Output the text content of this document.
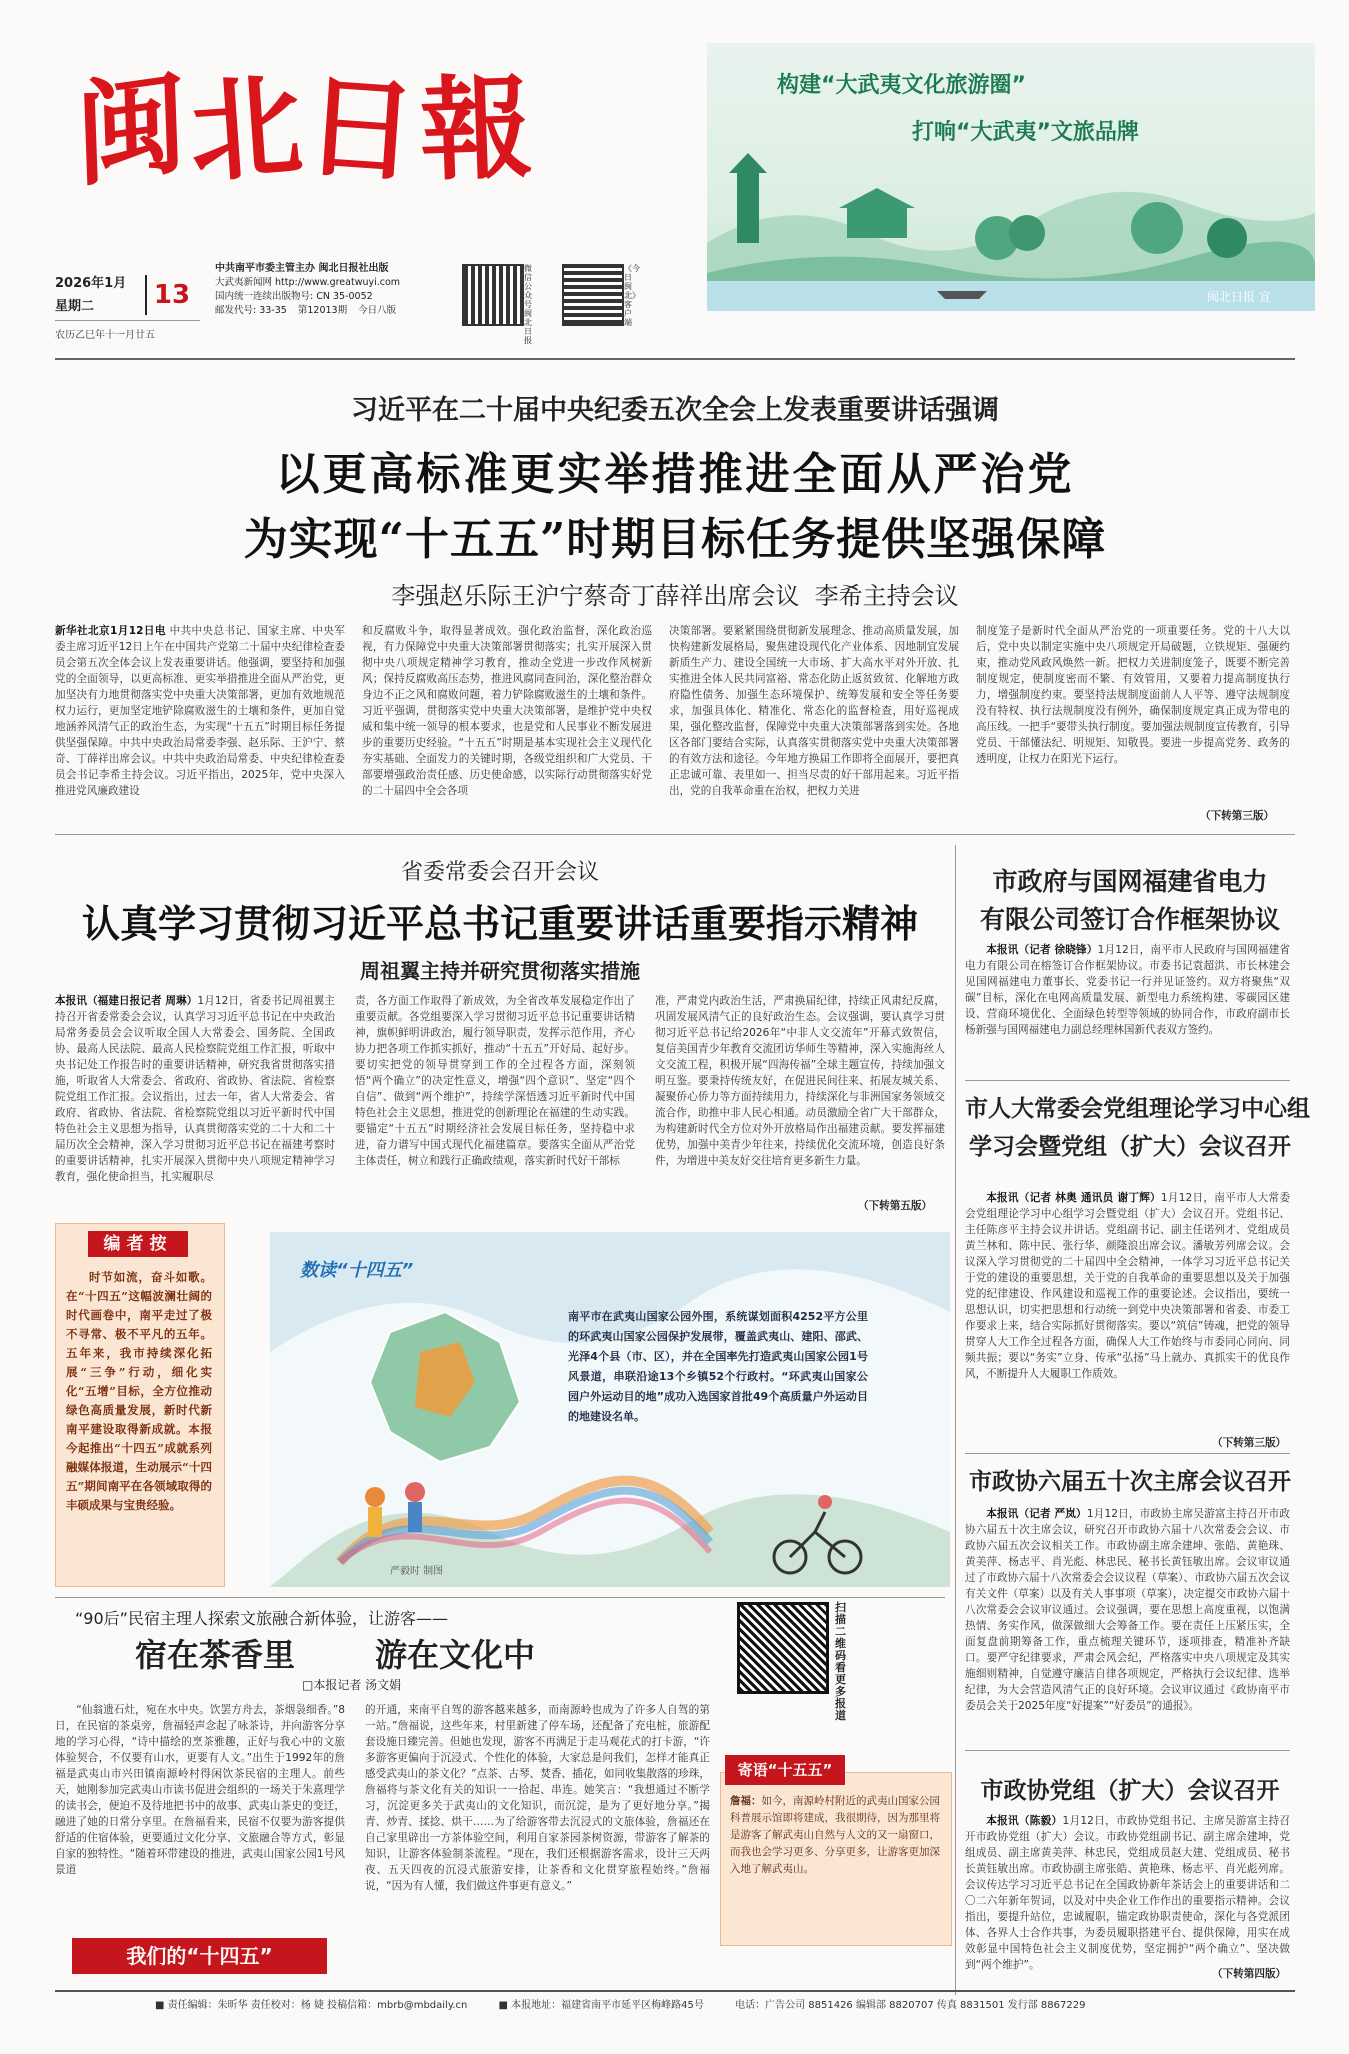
闽
北
日
報	构建“大武夷文化旅游圈”
打响“大武夷”文旅品牌
闽北日报 宣
2026年1月
星期二	13
农历乙巳年十一月廿五
中共南平市委主管主办 闽北日报社出版
大武夷新闻网 http://www.greatwuyi.com
国内统一连续出版物号: CN 35-0052
邮发代号: 33-35 第12013期 今日八版
微信公众号 闽北日报
《今日闽北》客户端
习近平在二十届中央纪委五次全会上发表重要讲话强调
以更高标准更实举措推进全面从严治党
为实现“十五五”时期目标任务提供坚强保障
李强赵乐际王沪宁蔡奇丁薛祥出席会议  李希主持会议

新华社北京1月12日电 中共中央总书记、国家主席、中央军委主席习近平12日上午在中国共产党第二十届中央纪律检查委员会第五次全体会议上发表重要讲话。他强调，要坚持和加强党的全面领导，以更高标准、更实举措推进全面从严治党，更加坚决有力地贯彻落实党中央重大决策部署，更加有效地规范权力运行，更加坚定地铲除腐败滋生的土壤和条件，更加自觉地涵养风清气正的政治生态，为实现“十五五”时期目标任务提供坚强保障。中共中央政治局常委李强、赵乐际、王沪宁、蔡奇、丁薛祥出席会议。中共中央政治局常委、中央纪律检查委员会书记李希主持会议。习近平指出，2025年，党中央深入推进党风廉政建设

和反腐败斗争，取得显著成效。强化政治监督，深化政治巡视，有力保障党中央重大决策部署贯彻落实；扎实开展深入贯彻中央八项规定精神学习教育，推动全党进一步改作风树新风；保持反腐败高压态势，推进风腐同查同治，深化整治群众身边不正之风和腐败问题，着力铲除腐败滋生的土壤和条件。习近平强调，贯彻落实党中央重大决策部署，是维护党中央权威和集中统一领导的根本要求，也是党和人民事业不断发展进步的重要历史经验。“十五五”时期是基本实现社会主义现代化夯实基础、全面发力的关键时期，各级党组织和广大党员、干部要增强政治责任感、历史使命感，以实际行动贯彻落实好党的二十届四中全会各项

决策部署。要紧紧围绕贯彻新发展理念、推动高质量发展，加快构建新发展格局，聚焦建设现代化产业体系、因地制宜发展新质生产力、建设全国统一大市场、扩大高水平对外开放、扎实推进全体人民共同富裕、常态化防止返贫致贫、化解地方政府隐性债务、加强生态环境保护、统筹发展和安全等任务要求，加强具体化、精准化、常态化的监督检查，用好巡视成果，强化整改监督，保障党中央重大决策部署落到实处。各地区各部门要结合实际，认真落实贯彻落实党中央重大决策部署的有效方法和途径。今年地方换届工作即将全面展开，要把真正忠诚可靠、表里如一、担当尽责的好干部用起来。习近平指出，党的自我革命重在治权，把权力关进

制度笼子是新时代全面从严治党的一项重要任务。党的十八大以后，党中央以制定实施中央八项规定开局破题，立铁规矩、强硬约束，推动党风政风焕然一新。把权力关进制度笼子，既要不断完善制度规定，使制度密而不繁、有效管用，又要着力提高制度执行力，增强制度约束。要坚持法规制度面前人人平等、遵守法规制度没有特权、执行法规制度没有例外，确保制度规定真正成为带电的高压线。一把手“要带头执行制度。要加强法规制度宣传教育，引导党员、干部懂法纪、明规矩、知敬畏。要进一步提高党务、政务的透明度，让权力在阳光下运行。

（下转第三版）
省委常委会召开会议
认真学习贯彻习近平总书记重要讲话重要指示精神
周祖翼主持并研究贯彻落实措施

本报讯（福建日报记者 周琳）1月12日，省委书记周祖翼主持召开省委常委会会议，认真学习习近平总书记在中央政治局常务委员会会议听取全国人大常委会、国务院、全国政协、最高人民法院、最高人民检察院党组工作汇报，听取中央书记处工作报告时的重要讲话精神，研究我省贯彻落实措施，听取省人大常委会、省政府、省政协、省法院、省检察院党组工作汇报。会议指出，过去一年，省人大常委会、省政府、省政协、省法院、省检察院党组以习近平新时代中国特色社会主义思想为指导，认真贯彻落实党的二十大和二十届历次全会精神，深入学习贯彻习近平总书记在福建考察时的重要讲话精神，扎实开展深入贯彻中央八项规定精神学习教育，强化使命担当，扎实履职尽

责，各方面工作取得了新成效，为全省改革发展稳定作出了重要贡献。各党组要深入学习贯彻习近平总书记重要讲话精神，旗帜鲜明讲政治，履行领导职责，发挥示范作用，齐心协力把各项工作抓实抓好，推动“十五五”开好局、起好步。要切实把党的领导贯穿到工作的全过程各方面，深刻领悟“两个确立”的决定性意义，增强“四个意识”、坚定“四个自信”、做到“两个维护”，持续学深悟透习近平新时代中国特色社会主义思想，推进党的创新理论在福建的生动实践。要锚定“十五五”时期经济社会发展目标任务，坚持稳中求进，奋力谱写中国式现代化福建篇章。要落实全面从严治党主体责任，树立和践行正确政绩观，落实新时代好干部标

准，严肃党内政治生活，严肃换届纪律，持续正风肃纪反腐，巩固发展风清气正的良好政治生态。会议强调，要认真学习贯彻习近平总书记给2026年“中非人文交流年”开幕式致贺信，复信美国青少年教育交流团访华师生等精神，深入实施海丝人文交流工程，积极开展“四海传福”全球主题宣传，持续加强文明互鉴。要秉持传统友好，在促进民间往来、拓展友城关系、凝聚侨心侨力等方面持续用力，持续深化与非洲国家务领域交流合作，助推中非人民心相通。动员激励全省广大干部群众，为构建新时代全方位对外开放格局作出福建贡献。要发挥福建优势，加强中美青少年往来，持续优化交流环境，创造良好条件，为增进中美友好交往培育更多新生力量。

（下转第五版）
编者按

时节如流，奋斗如歌。在“十四五”这幅波澜壮阔的时代画卷中，南平走过了极不寻常、极不平凡的五年。五年来，我市持续深化拓展“三争”行动，细化实化“五增”目标，全方位推动绿色高质量发展，新时代新南平建设取得新成就。本报今起推出“十四五”成就系列融媒体报道，生动展示“十四五”期间南平在各领域取得的丰硕成果与宝贵经验。

数读“十四五”

南平市在武夷山国家公园外围，系统谋划面积4252平方公里的环武夷山国家公园保护发展带，覆盖武夷山、建阳、邵武、光泽4个县（市、区），并在全国率先打造武夷山国家公园1号风景道，串联沿途13个乡镇52个行政村。“环武夷山国家公园户外运动目的地”成功入选国家首批49个高质量户外运动目的地建设名单。

严毅时 制图
“90后”民宿主理人探索文旅融合新体验，让游客——
宿在茶香里 游在文化中
□本报记者 汤文娟
扫描二维码看更多报道

“仙翁遗石灶，宛在水中央。饮罢方舟去，茶烟袅细香。”8日，在民宿的茶桌旁，詹福轻声念起了咏茶诗，并向游客分享地的学习心得，“诗中描绘的烹茶雅趣，正好与我心中的文旅体验契合，不仅要有山水，更要有人文。”出生于1992年的詹福是武夷山市兴田镇南源岭村得闲饮茶民宿的主理人。前些天，她刚参加完武夷山市读书促进会组织的一场关于朱熹理学的读书会，便迫不及待地把书中的故事、武夷山茶史的变迁，融进了她的日常分享里。在詹福看来，民宿不仅要为游客提供舒适的住宿体验，更要通过文化分享、文旅融合等方式，彰显自家的独特性。“随着环带建设的推进，武夷山国家公园1号风景道

的开通，来南平自驾的游客越来越多，而南源岭也成为了许多人自驾的第一站。”詹福说，这些年来，村里新建了停车场，还配备了充电桩，旅游配套设施日臻完善。但她也发现，游客不再满足于走马观花式的打卡游，“许多游客更偏向于沉浸式、个性化的体验，大家总是问我们，怎样才能真正感受武夷山的茶文化？”点茶、古琴、焚香、插花，如同收集散落的珍珠，詹福将与茶文化有关的知识一一拾起、串连。她笑言：“我想通过不断学习，沉淀更多关于武夷山的文化知识，而沉淀，是为了更好地分享。”揭青、炒青、揉捻、烘干……为了给游客带去沉浸式的文旅体验，詹福还在自己家里辟出一方茶体验空间，利用自家茶园茶树资源，带游客了解茶的知识，让游客体验制茶流程。“现在，我们还根据游客需求，设计三天两夜、五天四夜的沉浸式旅游安排，让茶香和文化贯穿旅程始终。”詹福说，“因为有人懂，我们做这件事更有意义。”

寄语“十五五”

詹福：如今，南源岭村附近的武夷山国家公园科普展示馆即将建成，我很期待，因为那里将是游客了解武夷山自然与人文的又一扇窗口，而我也会学习更多、分享更多，让游客更加深入地了解武夷山。

我们的“十四五”
市政府与国网福建省电力
有限公司签订合作框架协议

本报讯（记者 徐晓锋）1月12日，南平市人民政府与国网福建省电力有限公司在榕签订合作框架协议。市委书记袁超洪、市长林建会见国网福建电力董事长、党委书记一行并见证签约。双方将聚焦“双碳”目标，深化在电网高质量发展、新型电力系统构建、零碳园区建设、营商环境优化、全面绿色转型等领域的协同合作，市政府副市长杨新强与国网福建电力副总经理林国新代表双方签约。

市人大常委会党组理论学习中心组
学习会暨党组（扩大）会议召开

本报讯（记者 林奥 通讯员 谢丁辉）1月12日，南平市人大常委会党组理论学习中心组学习会暨党组（扩大）会议召开。党组书记、主任陈彦平主持会议并讲话。党组副书记、副主任诺列才、党组成员黄兰林和、陈中民、张行华、颜隆浪出席会议。潘敏芳列席会议。会议深入学习贯彻党的二十届四中全会精神，一体学习习近平总书记关于党的建设的重要思想，关于党的自我革命的重要思想以及关于加强党的纪律建设、作风建设和巡视工作的重要论述。会议指出，要统一思想认识，切实把思想和行动统一到党中央决策部署和省委、市委工作要求上来，结合实际抓好贯彻落实。要以“筑信”铸魂，把党的领导贯穿人大工作全过程各方面，确保人大工作始终与市委同心同向、同频共振；要以“务实”立身、传承“弘扬”马上就办、真抓实干的优良作风，不断提升人大履职工作质效。

（下转第三版）
市政协六届五十次主席会议召开

本报讯（记者 严岚）1月12日，市政协主席吴游富主持召开市政协六届五十次主席会议，研究召开市政协六届十八次常委会会议、市政协六届五次会议相关工作。市政协副主席余建坤、张皓、黄艳珠、黄美萍、杨志平、肖光彪、林忠民、秘书长黄钰敏出席。会议审议通过了市政协六届十八次常委会会议议程（草案）、市政协六届五次会议有关文件（草案）以及有关人事事项（草案），决定提交市政协六届十八次常委会会议审议通过。会议强调，要在思想上高度重视，以饱满热情、务实作风，做深做细大会筹备工作。要在责任上压紧压实，全面复盘前期筹备工作，重点梳理关键环节，逐项排查，精准补齐缺口。要严守纪律要求，严肃会风会纪，严格落实中央八项规定及其实施细则精神，自觉遵守廉洁自律各项规定，严格执行会议纪律、选举纪律，为大会营造风清气正的良好环境。会议审议通过《政协南平市委员会关于2025年度“好提案”“好委员”的通报》。

市政协党组（扩大）会议召开

本报讯（陈毅）1月12日，市政协党组书记、主席吴游富主持召开市政协党组（扩大）会议。市政协党组副书记、副主席余建坤，党组成员、副主席黄美萍、林忠民，党组成员赵大建、党组成员、秘书长黄钰敏出席。市政协副主席张皓、黄艳珠、杨志平、肖光彪列席。会议传达学习习近平总书记在全国政协新年茶话会上的重要讲话和二〇二六年新年贺词，以及对中央企业工作作出的重要指示精神。会议指出，要提升站位，忠诚履职，锚定政协职责使命，深化与各党派团体、各界人士合作共事，为委员履职搭建平台、提供保障，用实在成效彰显中国特色社会主义制度优势，坚定拥护“两个确立”、坚决做到“两个维护”。

（下转第四版）
■ 责任编辑：朱昕华 责任校对：杨 婕 投稿信箱：mbrb@mbdaily.cn	■ 本报地址：福建省南平市延平区梅峰路45号	电话：广告公司 8851426 编辑部 8820707 传真 8831501 发行部 8867229
